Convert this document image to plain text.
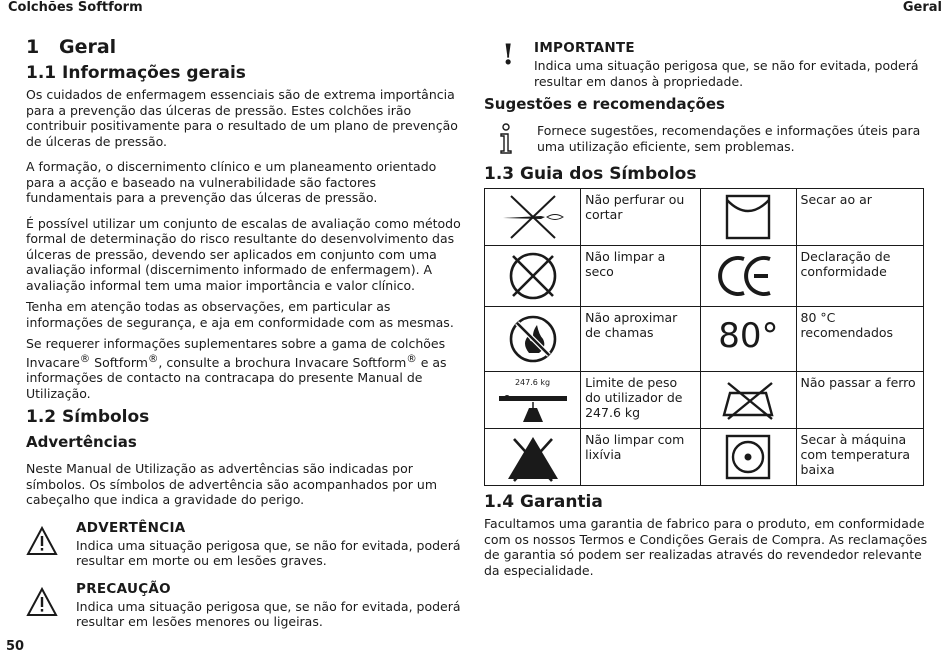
Colchões Softform	Geral
1 Geral
1.1 Informações gerais

Os cuidados de enfermagem essenciais são de extrema importância para a prevenção das úlceras de pressão. Estes colchões irão contribuir positivamente para o resultado de um plano de prevenção de úlceras de pressão.

A formação, o discernimento clínico e um planeamento orientado para a acção e baseado na vulnerabilidade são factores fundamentais para a prevenção das úlceras de pressão.

É possível utilizar um conjunto de escalas de avaliação como método formal de determinação do risco resultante do desenvolvimento das úlceras de pressão, devendo ser aplicados em conjunto com uma avaliação informal (discernimento informado de enfermagem). A avaliação informal tem uma maior importância e valor clínico.

Tenha em atenção todas as observações, em particular as informações de segurança, e aja em conformidade com as mesmas.

Se requerer informações suplementares sobre a gama de colchões Invacare® Softform®, consulte a brochura Invacare Softform® e as informações de contacto na contracapa do presente Manual de Utilização.

1.2 Símbolos
Advertências

Neste Manual de Utilização as advertências são indicadas por símbolos. Os símbolos de advertência são acompanhados por um cabeçalho que indica a gravidade do perigo.

ADVERTÊNCIA

Indica uma situação perigosa que, se não for evitada, poderá resultar em morte ou em lesões graves.

PRECAUÇÃO

Indica uma situação perigosa que, se não for evitada, poderá resultar em lesões menores ou ligeiras.

! IMPORTANTE

Indica uma situação perigosa que, se não for evitada, poderá resultar em danos à propriedade.

Sugestões e recomendações

Fornece sugestões, recomendações e informações úteis para uma utilização eficiente, sem problemas.

1.3 Guia dos Símbolos
	Não perfurar ou cortar		Secar ao ar

	Não limpar a seco		Declaração de conformidade

	Não aproximar de chamas	80°	80 °C recomendados

247.6 kg	Limite de peso do utilizador de 247.6 kg		Não passar a ferro

	Não limpar com lixívia		Secar à máquina com temperatura baixa
1.4 Garantia

Facultamos uma garantia de fabrico para o produto, em conformidade com os nossos Termos e Condições Gerais de Compra. As reclamações de garantia só podem ser realizadas através do revendedor relevante da especialidade.

50
